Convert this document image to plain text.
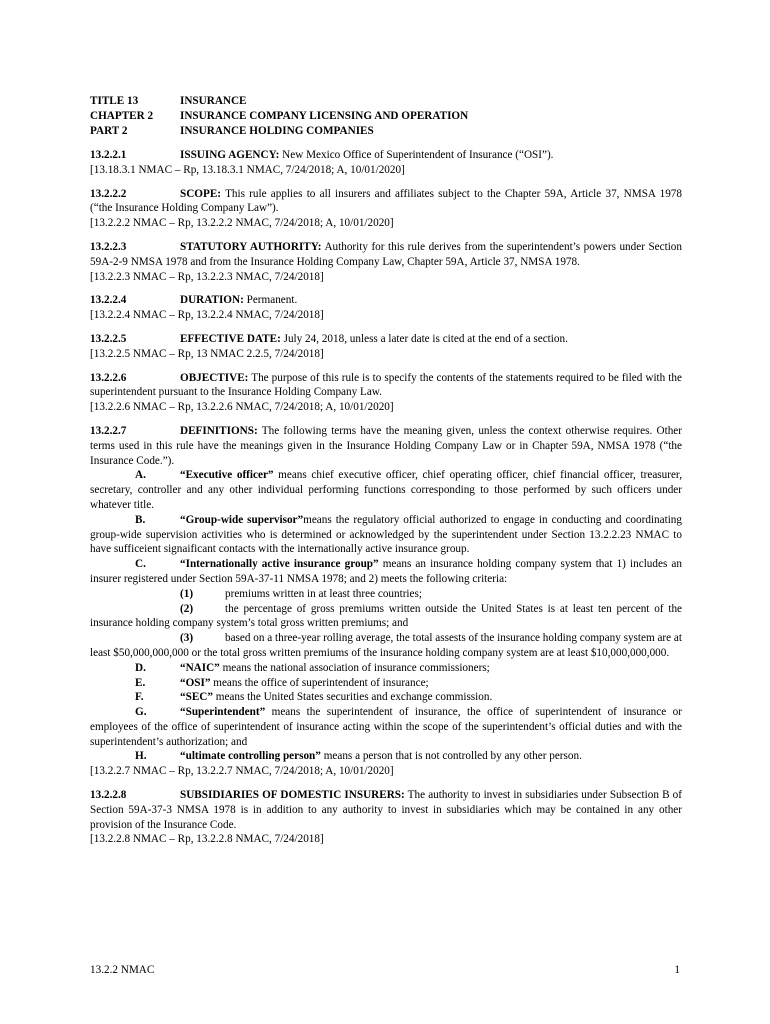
TITLE 13	INSURANCE
CHAPTER 2 INSURANCE COMPANY LICENSING AND OPERATION
PART 2	INSURANCE HOLDING COMPANIES

13.2.2.1	ISSUING AGENCY: New Mexico Office of Superintendent of Insurance (“OSI”).

[13.18.3.1 NMAC – Rp, 13.18.3.1 NMAC, 7/24/2018; A, 10/01/2020]

13.2.2.2	SCOPE: This rule applies to all insurers and affiliates subject to the Chapter 59A, Article 37, NMSA 1978 (“the Insurance Holding Company Law”).

[13.2.2.2 NMAC – Rp, 13.2.2.2 NMAC, 7/24/2018; A, 10/01/2020]

13.2.2.3	STATUTORY AUTHORITY: Authority for this rule derives from the superintendent’s powers under Section 59A-2-9 NMSA 1978 and from the Insurance Holding Company Law, Chapter 59A, Article 37, NMSA 1978.

[13.2.2.3 NMAC – Rp, 13.2.2.3 NMAC, 7/24/2018]

13.2.2.4	DURATION: Permanent.

[13.2.2.4 NMAC – Rp, 13.2.2.4 NMAC, 7/24/2018]

13.2.2.5	EFFECTIVE DATE: July 24, 2018, unless a later date is cited at the end of a section.

[13.2.2.5 NMAC – Rp, 13 NMAC 2.2.5, 7/24/2018]

13.2.2.6	OBJECTIVE: The purpose of this rule is to specify the contents of the statements required to be filed with the superintendent pursuant to the Insurance Holding Company Law.

[13.2.2.6 NMAC – Rp, 13.2.2.6 NMAC, 7/24/2018; A, 10/01/2020]

13.2.2.7	DEFINITIONS: The following terms have the meaning given, unless the context otherwise requires. Other terms used in this rule have the meanings given in the Insurance Holding Company Law or in Chapter 59A, NMSA 1978 (“the Insurance Code.”).

A.	“Executive officer” means chief executive officer, chief operating officer, chief financial officer, treasurer, secretary, controller and any other individual performing functions corresponding to those performed by such officers under whatever title.

B.	“Group-wide supervisor”means the regulatory official authorized to engage in conducting and coordinating group-wide supervision activities who is determined or acknowledged by the superintendent under Section 13.2.2.23 NMAC to have sufficeient signaificant contacts with the internationally active insurance group.

C.	“Internationally active insurance group” means an insurance holding company system that 1) includes an insurer registered under Section 59A-37-11 NMSA 1978; and 2) meets the following criteria:

(1)	premiums written in at least three countries;

(2)	the percentage of gross premiums written outside the United States is at least ten percent of the insurance holding company system’s total gross written premiums; and

(3)	based on a three-year rolling average, the total assests of the insurance holding company system are at least $50,000,000,000 or the total gross written premiums of the insurance holding company system are at least $10,000,000,000.

D.	“NAIC” means the national association of insurance commissioners;

E.	“OSI” means the office of superintendent of insurance;

F.	“SEC” means the United States securities and exchange commission.

G.	“Superintendent” means the superintendent of insurance, the office of superintendent of insurance or employees of the office of superintendent of insurance acting within the scope of the superintendent’s official duties and with the superintendent’s authorization; and

H.	“ultimate controlling person” means a person that is not controlled by any other person.

[13.2.2.7 NMAC – Rp, 13.2.2.7 NMAC, 7/24/2018; A, 10/01/2020]

13.2.2.8	SUBSIDIARIES OF DOMESTIC INSURERS: The authority to invest in subsidiaries under Subsection B of Section 59A-37-3 NMSA 1978 is in addition to any authority to invest in subsidiaries which may be contained in any other provision of the Insurance Code.

[13.2.2.8 NMAC – Rp, 13.2.2.8 NMAC, 7/24/2018]

13.2.2 NMAC	1
